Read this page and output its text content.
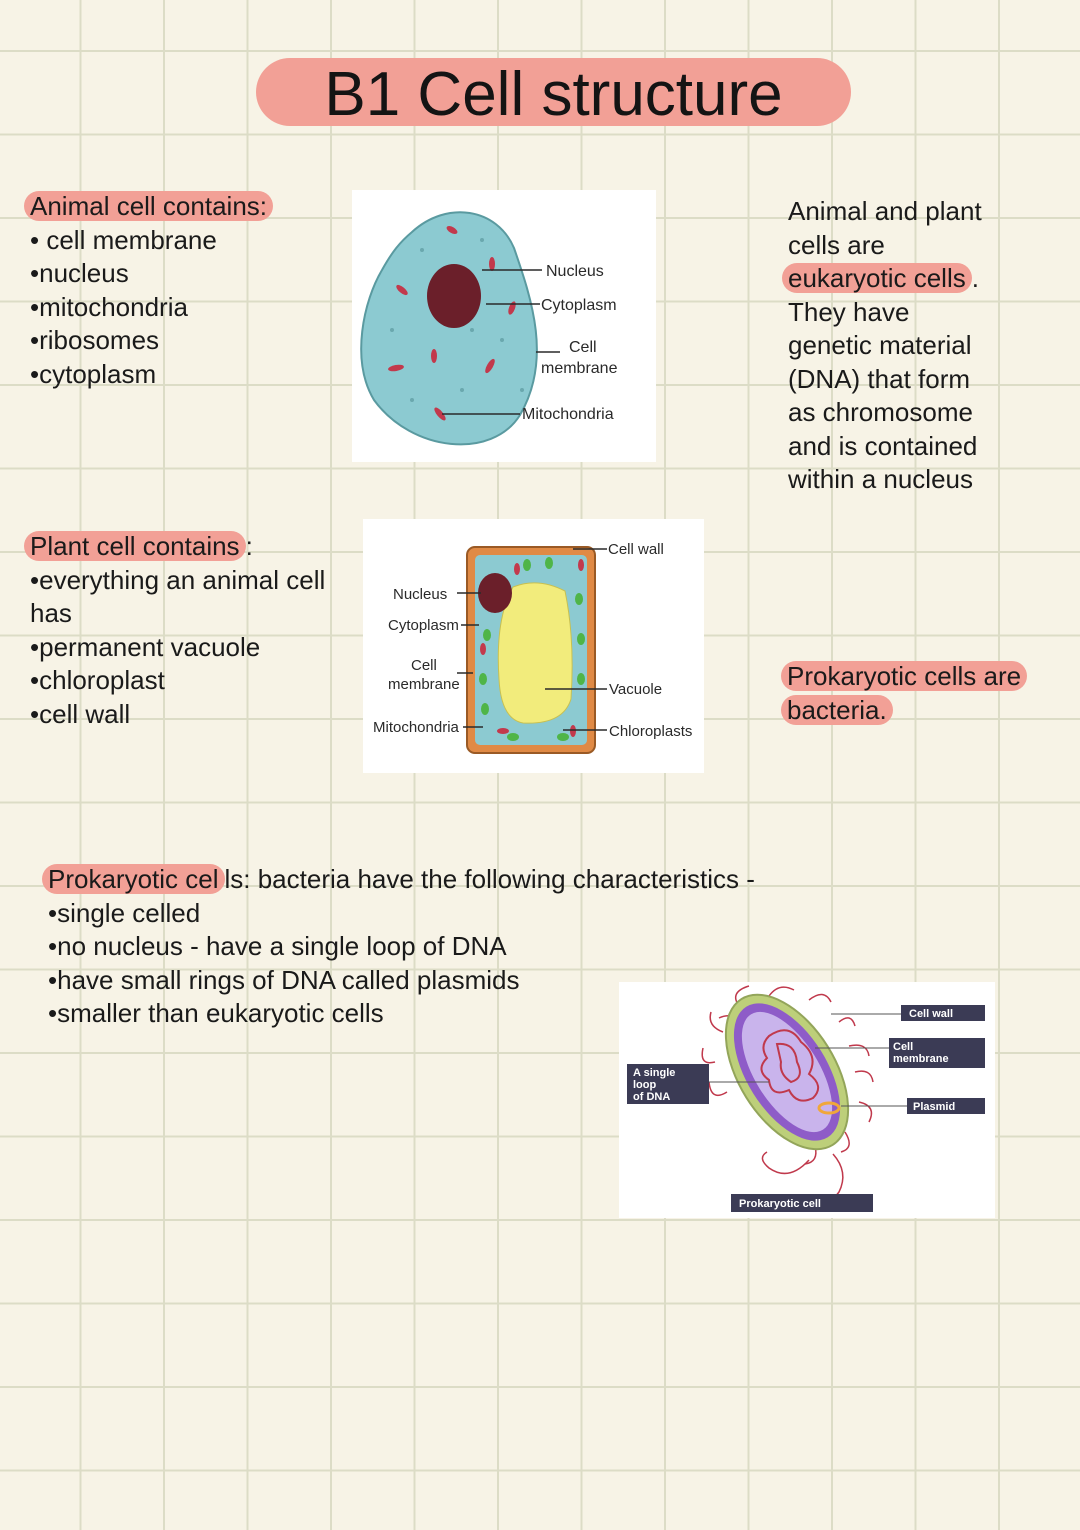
B1 Cell structure
Animal cell contains:
• cell membrane
•nucleus
•mitochondria
•ribosomes
•cytoplasm
Nucleus
Cytoplasm
Cell
membrane
Mitochondria
Animal and plant
cells are
eukaryotic cells .
They have
genetic material
(DNA) that form
as chromosome
and is contained
within a nucleus
Plant cell contains :
•everything an animal cell
has
•permanent vacuole
•chloroplast
•cell wall
Cell wall
Nucleus
Cytoplasm
Cell
membrane	Vacuole
Mitochondria	Chloroplasts
Prokaryotic cells are
bacteria.
Prokaryotic cel ls: bacteria have the following characteristics -
•single celled
•no nucleus - have a single loop of DNA
•have small rings of DNA called plasmids
•smaller than eukaryotic cells	Cell wall
Cell
membrane
Plasmid
A single
loop
of DNA
Prokaryotic cell
